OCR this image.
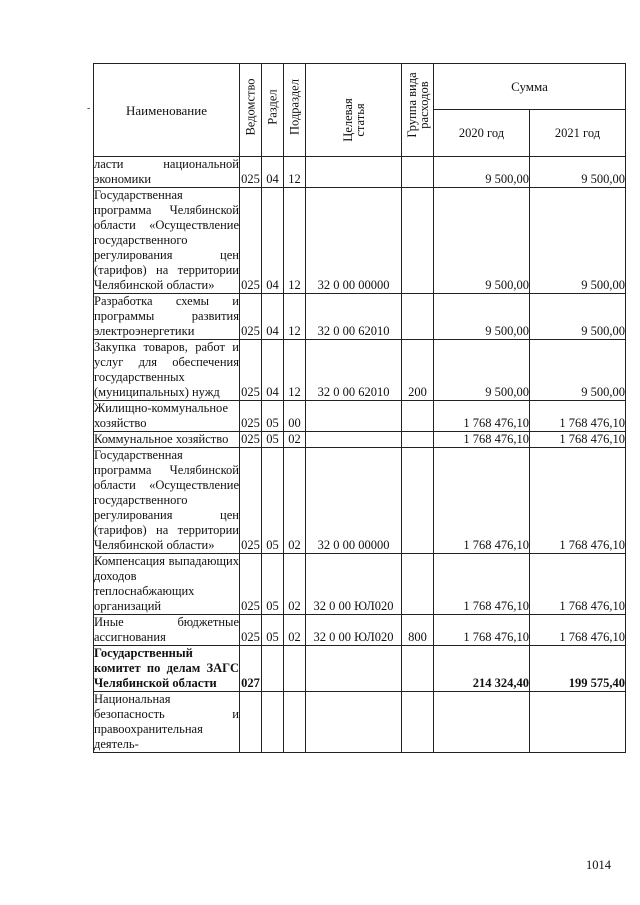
-	Наименование	Ведомство	Раздел	Подраздел	Целевая статья	Группа вида расходов	Сумма	
						2020 год	2021 год
ласти национальной экономики	025	04	12			9 500,00	9 500,00
Государственная программа Челябинской области «Осуществление государственного регулирования цен (тарифов) на территории Челябинской области»	025	04	12	32 0 00 00000		9 500,00	9 500,00
Разработка схемы и программы развития электроэнергетики	025	04	12	32 0 00 62010		9 500,00	9 500,00
Закупка товаров, работ и услуг для обеспечения государственных (муниципальных) нужд	025	04	12	32 0 00 62010	200	9 500,00	9 500,00
Жилищно-коммунальное хозяйство	025	05	00			1 768 476,10	1 768 476,10
Коммунальное хозяйство	025	05	02			1 768 476,10	1 768 476,10
Государственная программа Челябинской области «Осуществление государственного регулирования цен (тарифов) на территории Челябинской области»	025	05	02	32 0 00 00000		1 768 476,10	1 768 476,10
Компенсация выпадающих доходов теплоснабжающих организаций	025	05	02	32 0 00 ЮЛ020		1 768 476,10	1 768 476,10
Иные бюджетные ассигнования	025	05	02	32 0 00 ЮЛ020	800	1 768 476,10	1 768 476,10
Государственный комитет по делам ЗАГС Челябинской области	027					214 324,40	199 575,40
Национальная безопасность и правоохранительная деятель-							
1014
